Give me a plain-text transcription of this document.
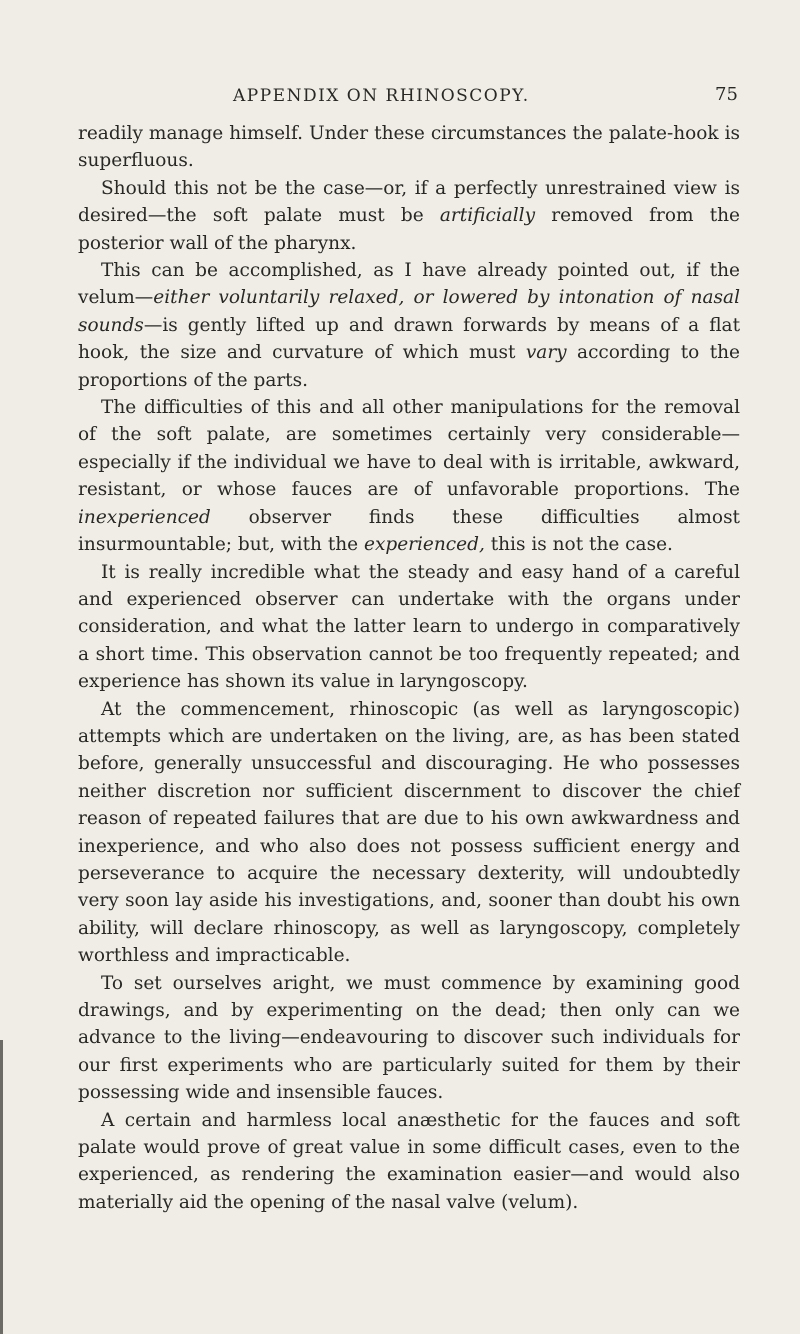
APPENDIX ON RHINOSCOPY.	75

readily manage himself. Under these circumstances the palate-hook is superfluous.

Should this not be the case—or, if a perfectly unrestrained view is desired—the soft palate must be artificially removed from the posterior wall of the pharynx.

This can be accomplished, as I have already pointed out, if the velum—either voluntarily relaxed, or lowered by intonation of nasal sounds—is gently lifted up and drawn forwards by means of a flat hook, the size and curvature of which must vary according to the proportions of the parts.

The difficulties of this and all other manipulations for the removal of the soft palate, are sometimes certainly very considerable—especially if the individual we have to deal with is irritable, awkward, resistant, or whose fauces are of unfavorable proportions. The inexperienced observer finds these difficulties almost insurmountable; but, with the experienced, this is not the case.

It is really incredible what the steady and easy hand of a careful and experienced observer can undertake with the organs under consideration, and what the latter learn to undergo in comparatively a short time. This observation cannot be too frequently repeated; and experience has shown its value in laryngoscopy.

At the commencement, rhinoscopic (as well as laryngoscopic) attempts which are undertaken on the living, are, as has been stated before, generally unsuccessful and discouraging. He who possesses neither discretion nor sufficient discernment to discover the chief reason of repeated failures that are due to his own awkwardness and inexperience, and who also does not possess sufficient energy and perseverance to acquire the necessary dexterity, will undoubtedly very soon lay aside his investigations, and, sooner than doubt his own ability, will declare rhinoscopy, as well as laryngoscopy, completely worthless and impracticable.

To set ourselves aright, we must commence by examining good drawings, and by experimenting on the dead; then only can we advance to the living—endeavouring to discover such individuals for our first experiments who are particularly suited for them by their possessing wide and insensible fauces.

A certain and harmless local anæsthetic for the fauces and soft palate would prove of great value in some difficult cases, even to the experienced, as rendering the examination easier—and would also materially aid the opening of the nasal valve (velum).
